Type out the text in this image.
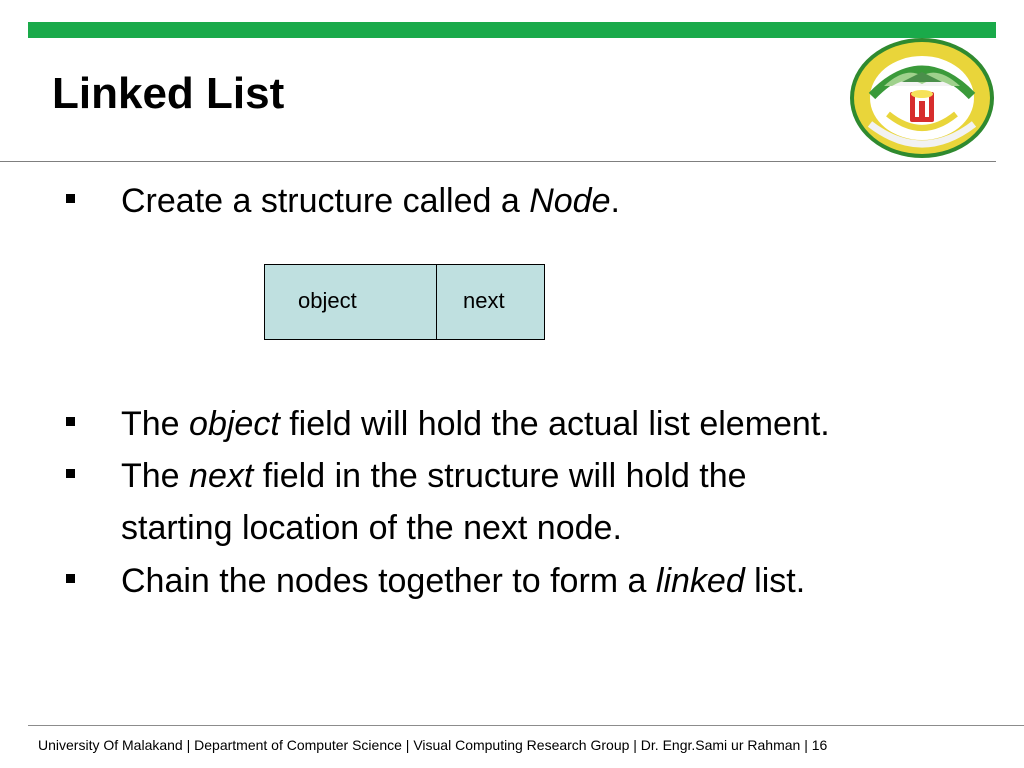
Linked List
Create a structure called a Node.
object	next
The object field will hold the actual list element.
The next field in the structure will hold the
starting location of the next node.
Chain the nodes together to form a linked list.
University Of Malakand | Department of Computer Science | Visual Computing Research Group | Dr. Engr.Sami ur Rahman | 16
